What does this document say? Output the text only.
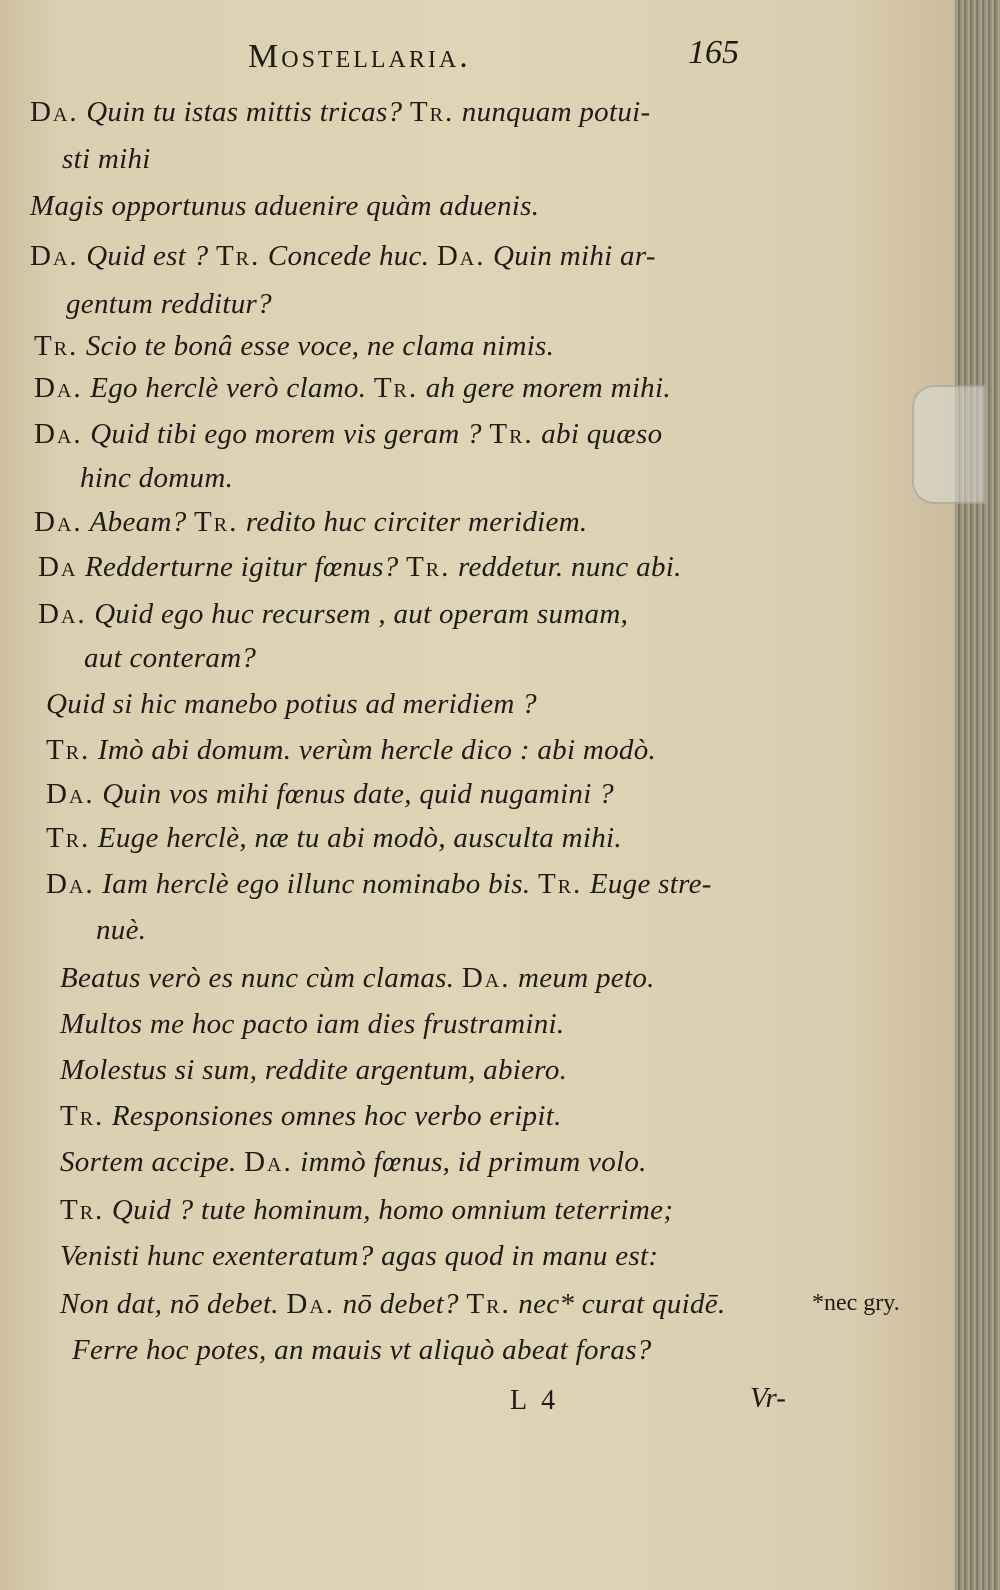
Mostellaria.	165
Da. Quin tu istas mittis tricas? Tr. nunquam potui-
sti mihi
Magis opportunus aduenire quàm aduenis.
Da. Quid est ? Tr. Concede huc. Da. Quin mihi ar-
gentum redditur?
Tr. Scio te bonâ esse voce, ne clama nimis.
Da. Ego herclè verò clamo. Tr. ah gere morem mihi.
Da. Quid tibi ego morem vis geram ? Tr. abi quæso
hinc domum.
Da. Abeam? Tr. redito huc circiter meridiem.
Da Redderturne igitur fœnus? Tr. reddetur. nunc abi.
Da. Quid ego huc recursem , aut operam sumam,
aut conteram?
Quid si hic manebo potius ad meridiem ?
Tr. Imò abi domum. verùm hercle dico : abi modò.
Da. Quin vos mihi fœnus date, quid nugamini ?
Tr. Euge herclè, næ tu abi modò, ausculta mihi.
Da. Iam herclè ego illunc nominabo bis. Tr. Euge stre-
nuè.
Beatus verò es nunc cùm clamas. Da. meum peto.
Multos me hoc pacto iam dies frustramini.
Molestus si sum, reddite argentum, abiero.
Tr. Responsiones omnes hoc verbo eripit.
Sortem accipe. Da. immò fœnus, id primum volo.
Tr. Quid ? tute hominum, homo omnium teterrime;
Venisti hunc exenteratum? agas quod in manu est:
Non dat, nō debet. Da. nō debet? Tr. nec* curat quidē.
Ferre hoc potes, an mauis vt aliquò abeat foras?
*nec gry.
L 4	Vr-
